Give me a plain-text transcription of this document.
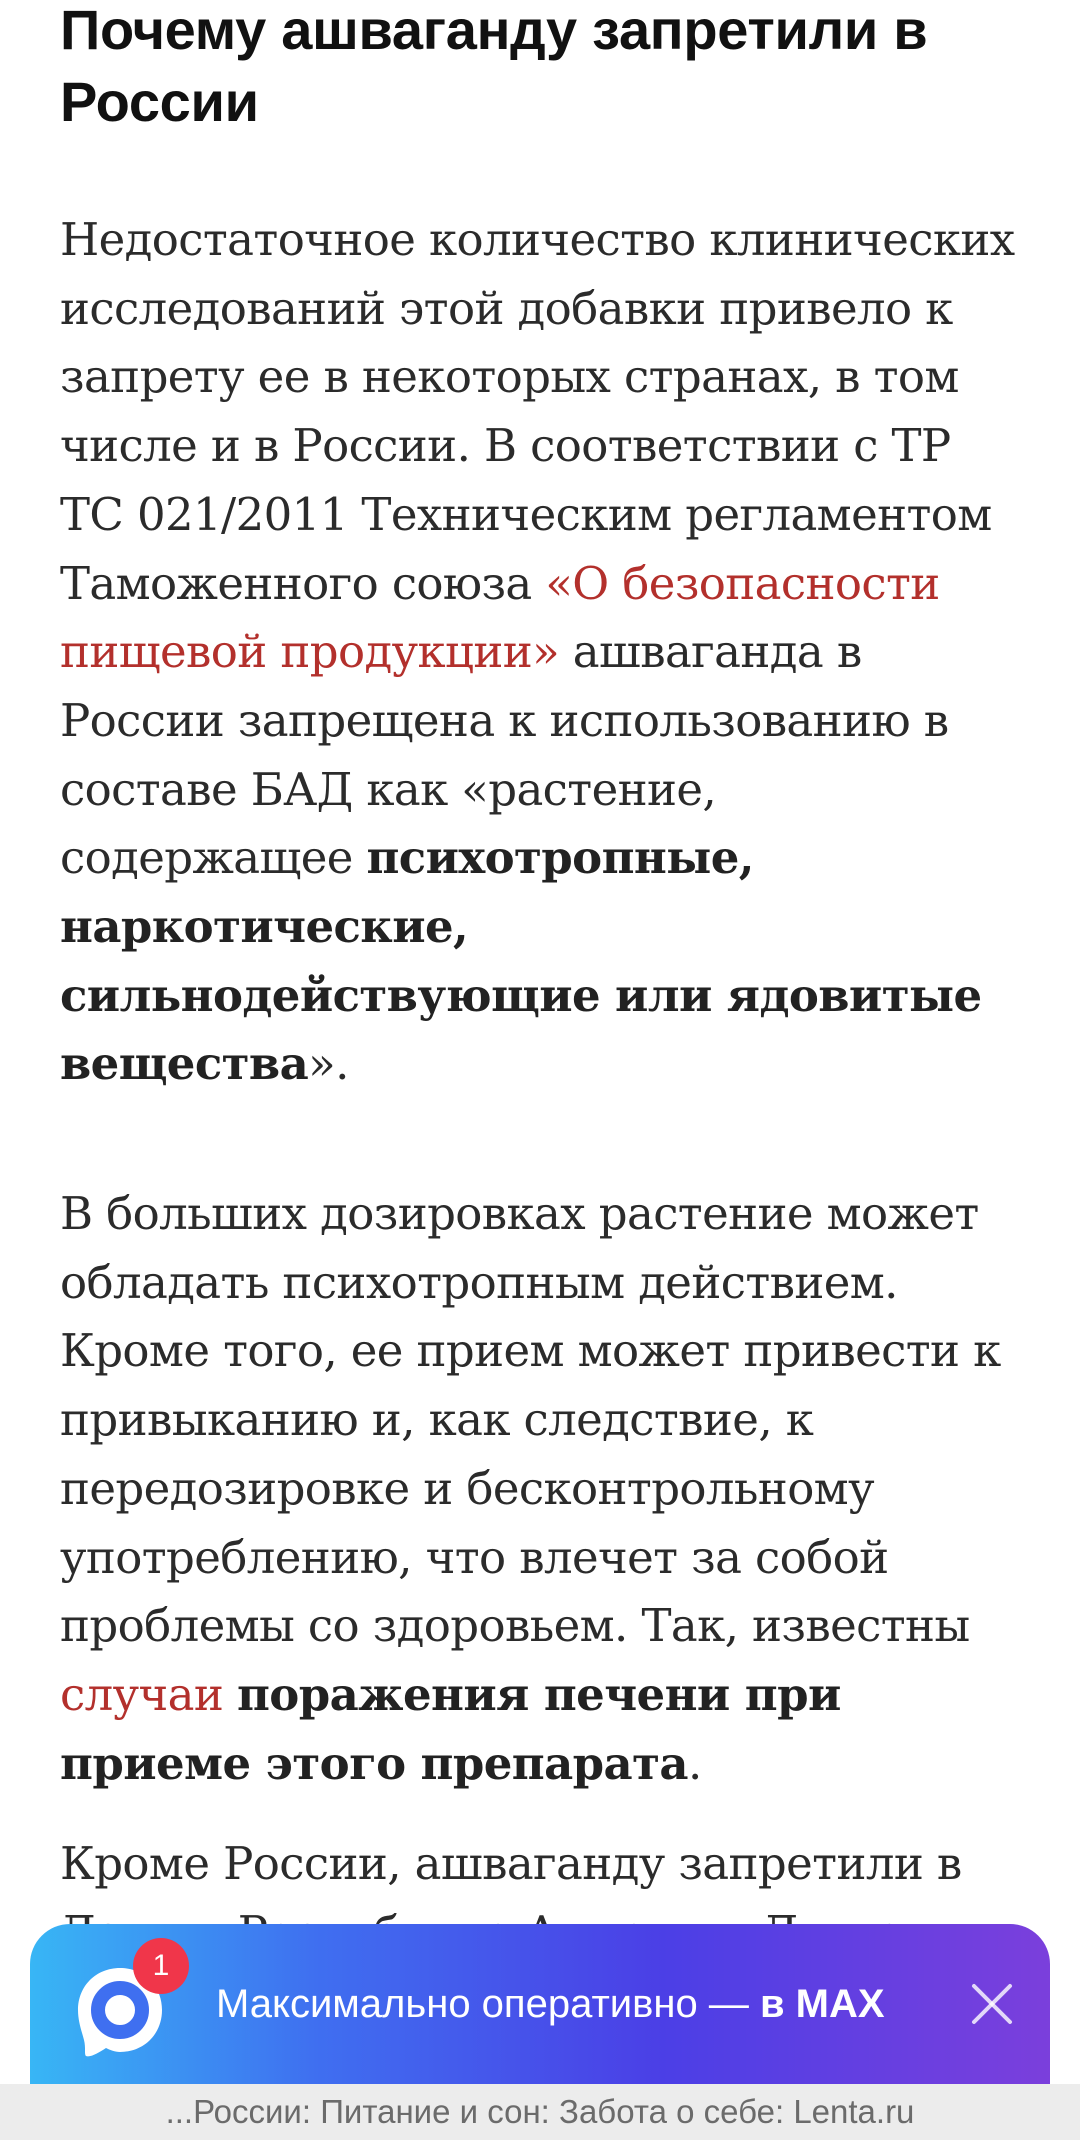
Почему ашваганду запретили в России

Недостаточное количество клинических исследований этой добавки привело к запрету ее в некоторых странах, в том числе и в России. В соответствии с ТР ТС 021/2011 Техническим регламентом Таможенного союза «О безопасности пищевой продукции» ашваганда в России запрещена к использованию в составе БАД как «растение, содержащее психотропные, наркотические, сильнодействующие или ядовитые вещества».

В больших дозировках растение может обладать психотропным действием. Кроме того, ее прием может привести к привыканию и, как следствие, к передозировке и бесконтрольному употреблению, что влечет за собой проблемы со здоровьем. Так, известны случаи поражения печени при приеме этого препарата.

Кроме России, ашваганду запретили в

1
Максимально оперативно — в MAX
...России: Питание и сон: Забота о себе: Lenta.ru
